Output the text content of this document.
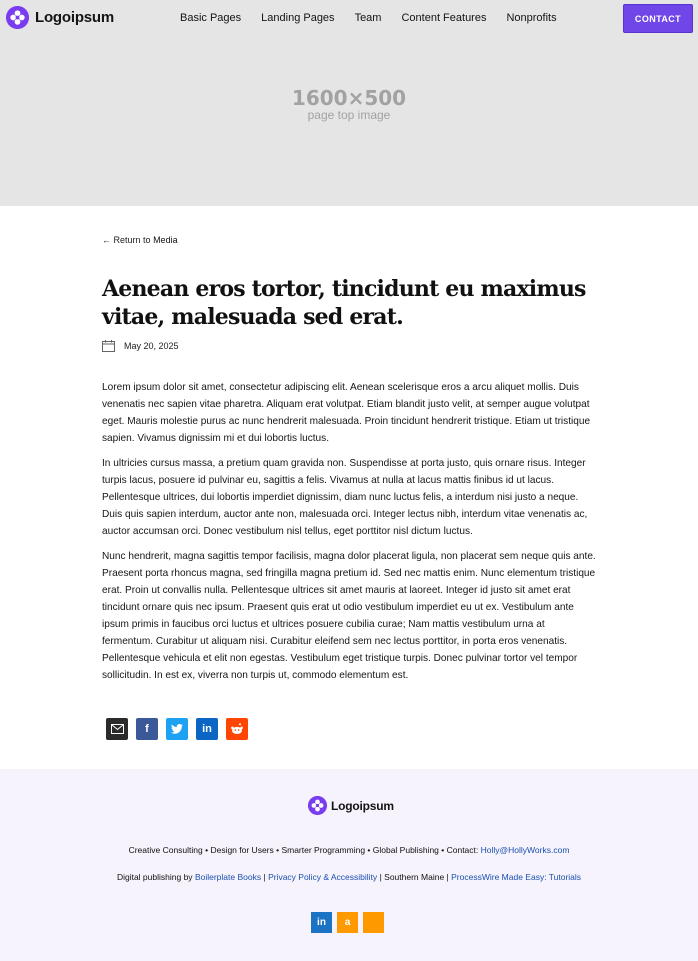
Logoipsum	Basic Pages	Landing Pages	Team	Content Features	Nonprofits	CONTACT
1600×500
page top image
← Return to Media
Aenean eros tortor, tincidunt eu maximus vitae, malesuada sed erat.
May 20, 2025

Lorem ipsum dolor sit amet, consectetur adipiscing elit. Aenean scelerisque eros a arcu aliquet mollis. Duis venenatis nec sapien vitae pharetra. Aliquam erat volutpat. Etiam blandit justo velit, at semper augue volutpat eget. Mauris molestie purus ac nunc hendrerit malesuada. Proin tincidunt hendrerit tristique. Etiam ut tristique sapien. Vivamus dignissim mi et dui lobortis luctus.

In ultricies cursus massa, a pretium quam gravida non. Suspendisse at porta justo, quis ornare risus. Integer turpis lacus, posuere id pulvinar eu, sagittis a felis. Vivamus at nulla at lacus mattis finibus id ut lacus. Pellentesque ultrices, dui lobortis imperdiet dignissim, diam nunc luctus felis, a interdum nisi justo a neque. Duis quis sapien interdum, auctor ante non, malesuada orci. Integer lectus nibh, interdum vitae venenatis ac, auctor accumsan orci. Donec vestibulum nisl tellus, eget porttitor nisl dictum luctus.

Nunc hendrerit, magna sagittis tempor facilisis, magna dolor placerat ligula, non placerat sem neque quis ante. Praesent porta rhoncus magna, sed fringilla magna pretium id. Sed nec mattis enim. Nunc elementum tristique erat. Proin ut convallis nulla. Pellentesque ultrices sit amet mauris at laoreet. Integer id justo sit amet erat tincidunt ornare quis nec ipsum. Praesent quis erat ut odio vestibulum imperdiet eu ut ex. Vestibulum ante ipsum primis in faucibus orci luctus et ultrices posuere cubilia curae; Nam mattis vestibulum urna at fermentum. Curabitur ut aliquam nisi. Curabitur eleifend sem nec lectus porttitor, in porta eros venenatis. Pellentesque vehicula et elit non egestas. Vestibulum eget tristique turpis. Donec pulvinar tortor vel tempor sollicitudin. In est ex, viverra non turpis ut, commodo elementum est.

f	in
Logoipsum
Creative Consulting • Design for Users • Smarter Programming • Global Publishing • Contact: Holly@HollyWorks.com
Digital publishing by Boilerplate Books | Privacy Policy & Accessibility | Southern Maine | ProcessWire Made Easy: Tutorials
in	a
